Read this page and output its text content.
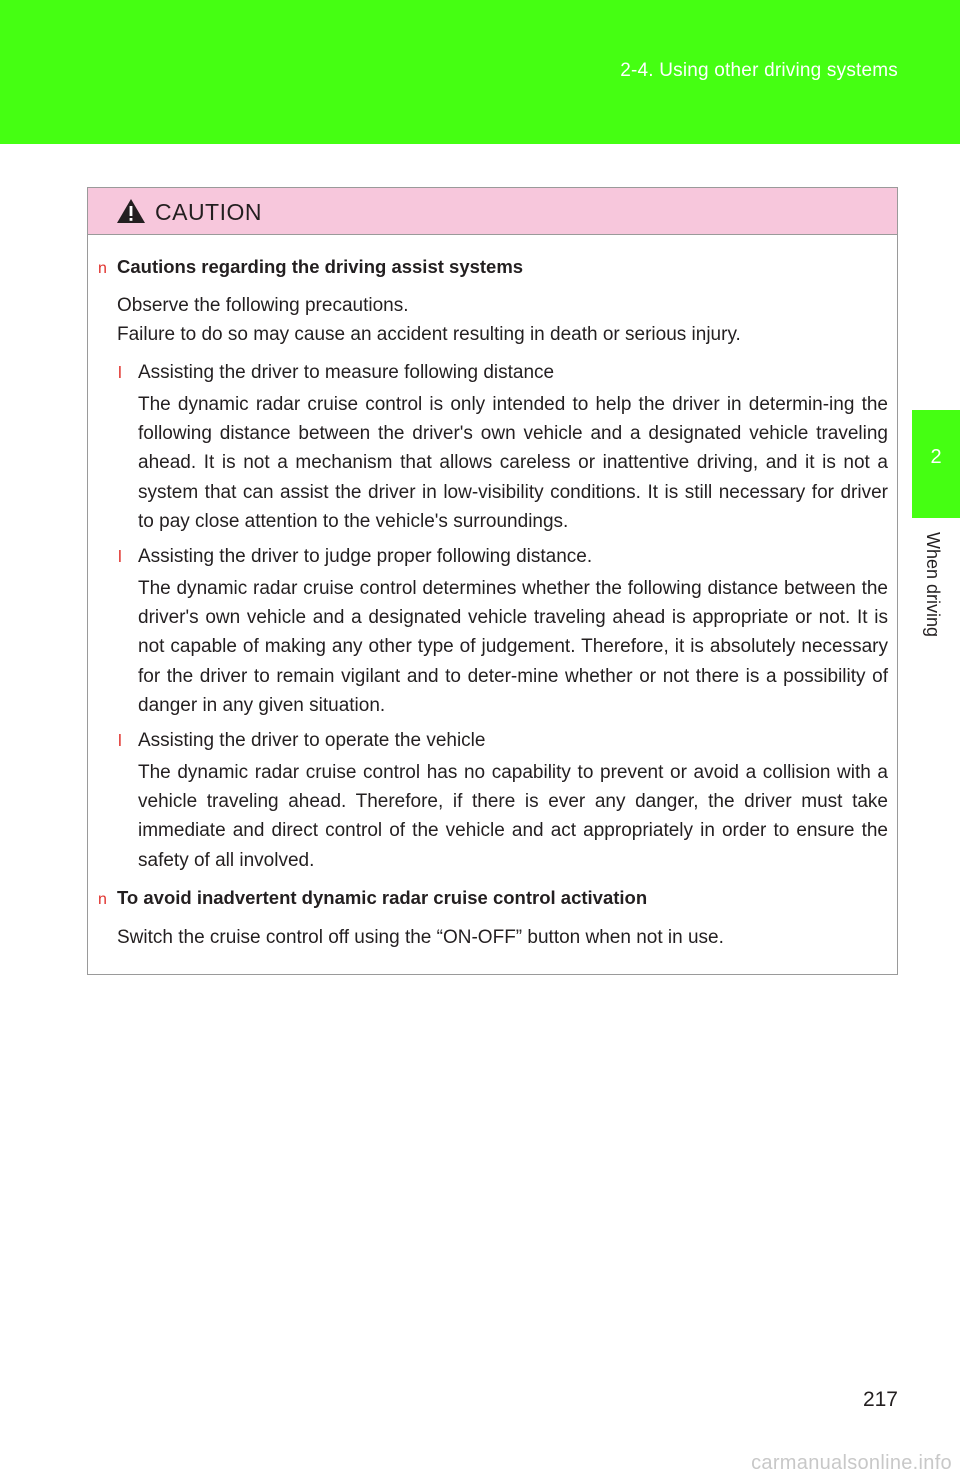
2-4. Using other driving systems
2
When driving
CAUTION
n Cautions regarding the driving assist systems
Observe the following precautions.
Failure to do so may cause an accident resulting in death or serious injury.
l Assisting the driver to measure following distance
The dynamic radar cruise control is only intended to help the driver in determin-ing the following distance between the driver's own vehicle and a designated vehicle traveling ahead. It is not a mechanism that allows careless or inattentive driving, and it is not a system that can assist the driver in low-visibility conditions. It is still necessary for driver to pay close attention to the vehicle's surroundings.
l Assisting the driver to judge proper following distance.
The dynamic radar cruise control determines whether the following distance between the driver's own vehicle and a designated vehicle traveling ahead is appropriate or not. It is not capable of making any other type of judgement. Therefore, it is absolutely necessary for the driver to remain vigilant and to deter-mine whether or not there is a possibility of danger in any given situation.
l Assisting the driver to operate the vehicle
The dynamic radar cruise control has no capability to prevent or avoid a collision with a vehicle traveling ahead. Therefore, if there is ever any danger, the driver must take immediate and direct control of the vehicle and act appropriately in order to ensure the safety of all involved.
n To avoid inadvertent dynamic radar cruise control activation
Switch the cruise control off using the “ON-OFF” button when not in use.
217
carmanualsonline.info
